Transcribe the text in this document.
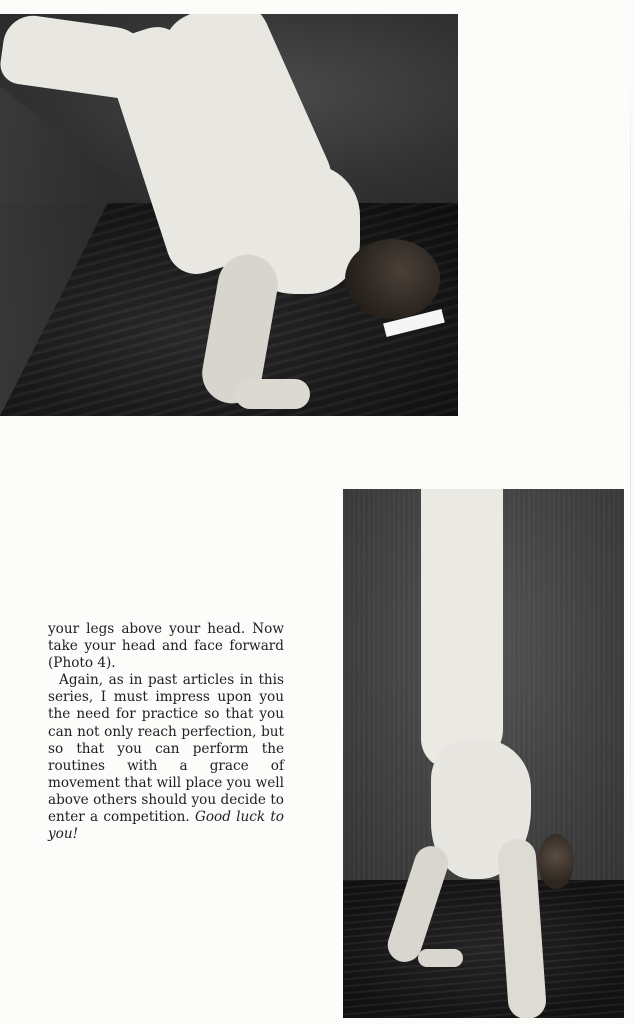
your legs above your head. Now take your head and face forward (Photo 4).

Again, as in past articles in this series, I must impress upon you the need for practice so that you can not only reach perfection, but so that you can perform the routines with a grace of movement that will place you well above others should you decide to enter a competition. Good luck to you!
